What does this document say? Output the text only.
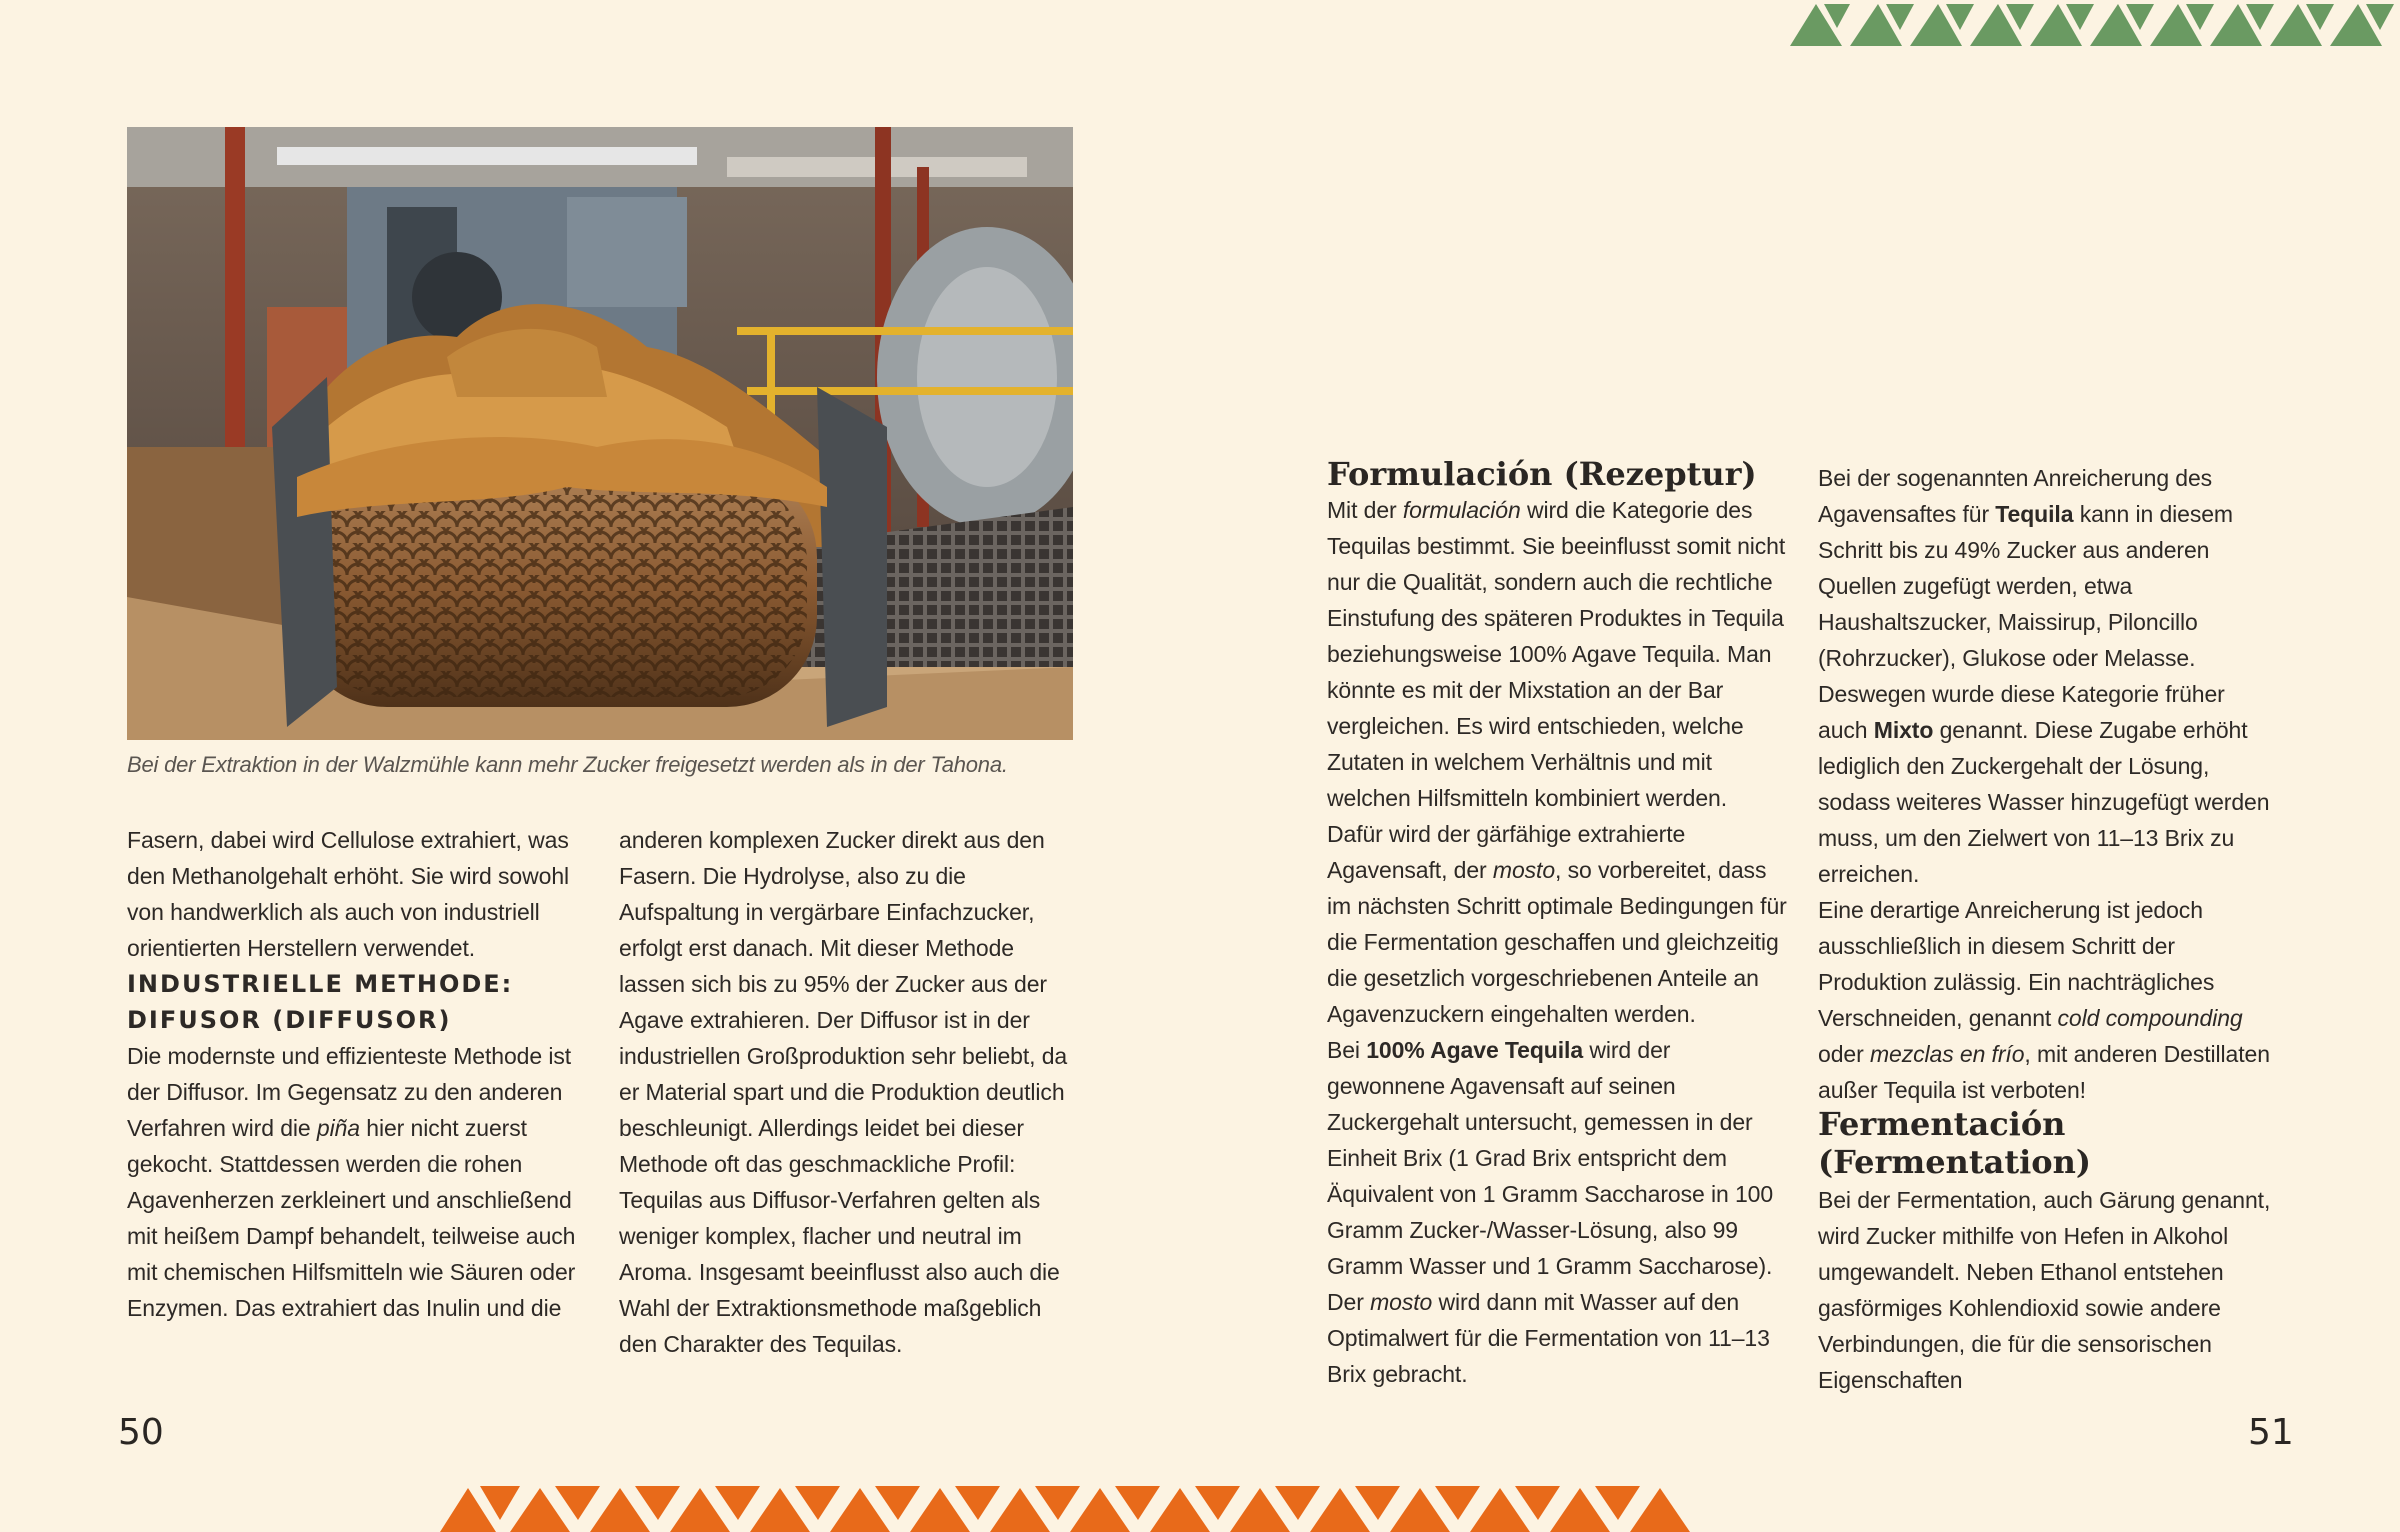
Bei der Extraktion in der Walzmühle kann mehr Zucker freigesetzt werden als in der Tahona.

Fasern, dabei wird Cellulose extrahiert, was den Methanolgehalt erhöht. Sie wird sowohl von handwerklich als auch von industriell orientierten Herstellern verwendet.

INDUSTRIELLE METHODE: DIFUSOR (DIFFUSOR)

Die modernste und effizienteste Methode ist der Diffusor. Im Gegensatz zu den anderen Verfahren wird die piña hier nicht zuerst gekocht. Stattdessen werden die rohen Agavenherzen zerkleinert und anschließend mit heißem Dampf behandelt, teilweise auch mit chemischen Hilfsmitteln wie Säuren oder Enzymen. Das extrahiert das Inulin und die

anderen komplexen Zucker direkt aus den Fasern. Die Hydrolyse, also zu die Aufspaltung in vergärbare Einfachzucker, erfolgt erst danach. Mit dieser Methode lassen sich bis zu 95% der Zucker aus der Agave extrahieren. Der Diffusor ist in der industriellen Großproduktion sehr beliebt, da er Material spart und die Produktion deutlich beschleunigt. Allerdings leidet bei dieser Methode oft das geschmackliche Profil: Tequilas aus Diffusor-Verfahren gelten als weniger komplex, flacher und neutral im Aroma. Insgesamt beeinflusst also auch die Wahl der Extraktionsmethode maßgeblich den Charakter des Tequilas.

Formulación (Rezeptur)

Mit der formulación wird die Kategorie des Tequilas bestimmt. Sie beeinflusst somit nicht nur die Qualität, sondern auch die rechtliche Einstufung des späteren Produktes in Tequila beziehungsweise 100% Agave Tequila. Man könnte es mit der Mixstation an der Bar vergleichen. Es wird entschieden, welche Zutaten in welchem Verhältnis und mit welchen Hilfsmitteln kombiniert werden.

Dafür wird der gärfähige extrahierte Agavensaft, der mosto, so vorbereitet, dass im nächsten Schritt optimale Bedingungen für die Fermentation geschaffen und gleichzeitig die gesetzlich vorgeschriebenen Anteile an Agavenzuckern eingehalten werden.

Bei 100% Agave Tequila wird der gewonnene Agavensaft auf seinen Zuckergehalt untersucht, gemessen in der Einheit Brix (1 Grad Brix entspricht dem Äquivalent von 1 Gramm Saccharose in 100 Gramm Zucker-/Wasser-Lösung, also 99 Gramm Wasser und 1 Gramm Saccharose). Der mosto wird dann mit Wasser auf den Optimalwert für die Fermentation von 11–13 Brix gebracht.

Bei der sogenannten Anreicherung des Agavensaftes für Tequila kann in diesem Schritt bis zu 49% Zucker aus anderen Quellen zugefügt werden, etwa Haushaltszucker, Maissirup, Piloncillo (Rohrzucker), Glukose oder Melasse. Deswegen wurde diese Kategorie früher auch Mixto genannt. Diese Zugabe erhöht lediglich den Zuckergehalt der Lösung, sodass weiteres Wasser hinzugefügt werden muss, um den Zielwert von 11–13 Brix zu erreichen.

Eine derartige Anreicherung ist jedoch ausschließlich in diesem Schritt der Produktion zulässig. Ein nachträgliches Verschneiden, genannt cold compounding oder mezclas en frío, mit anderen Destillaten außer Tequila ist verboten!

Fermentación
(Fermentation)

Bei der Fermentation, auch Gärung genannt, wird Zucker mithilfe von Hefen in Alkohol umgewandelt. Neben Ethanol entstehen gasförmiges Kohlendioxid sowie andere Verbindungen, die für die sensorischen Eigenschaften

50	51
